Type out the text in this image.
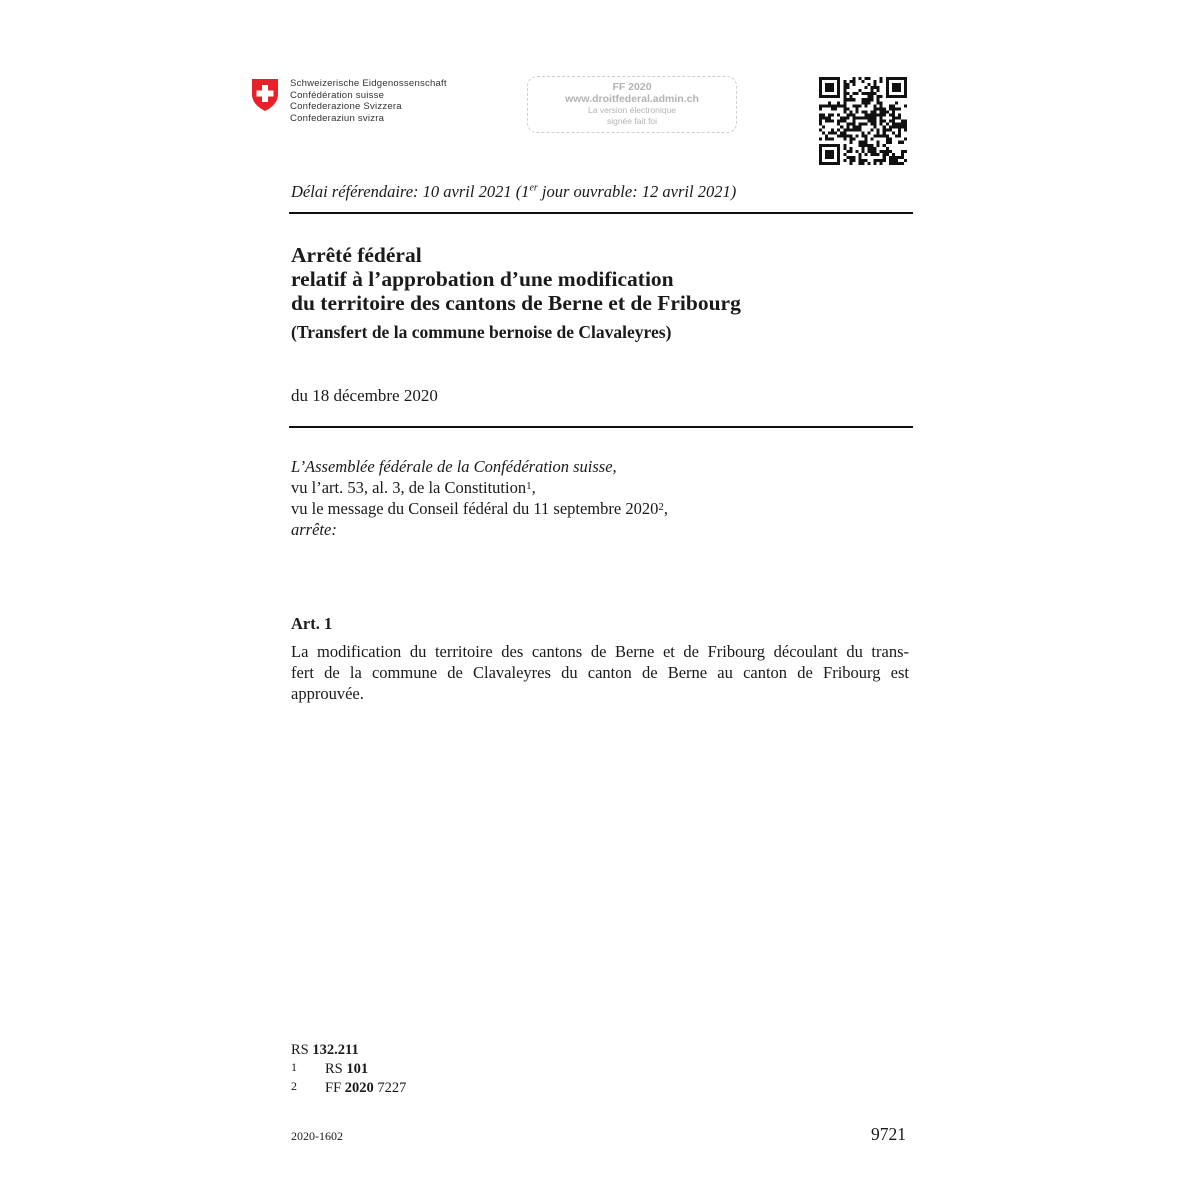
Schweizerische Eidgenossenschaft
Confédération suisse
Confederazione Svizzera
Confederaziun svizra
FF 2020
www.droitfederal.admin.ch
La version électronique
signée fait foi
Délai référendaire: 10 avril 2021 (1er jour ouvrable: 12 avril 2021)
Arrêté fédéral
relatif à l’approbation d’une modification
du territoire des cantons de Berne et de Fribourg
(Transfert de la commune bernoise de Clavaleyres)
du 18 décembre 2020
L’Assemblée fédérale de la Confédération suisse,
vu l’art. 53, al. 3, de la Constitution$^1$,
vu le message du Conseil fédéral du 11 septembre 2020$^2$,
arrête:
Art. 1
La modification du territoire des cantons de Berne et de Fribourg découlant du trans-
fert de la commune de Clavaleyres du canton de Berne au canton de Fribourg est
approuvée.
RS 132.211
1 RS 101
2 FF 2020 7227
2020-1602	9721
